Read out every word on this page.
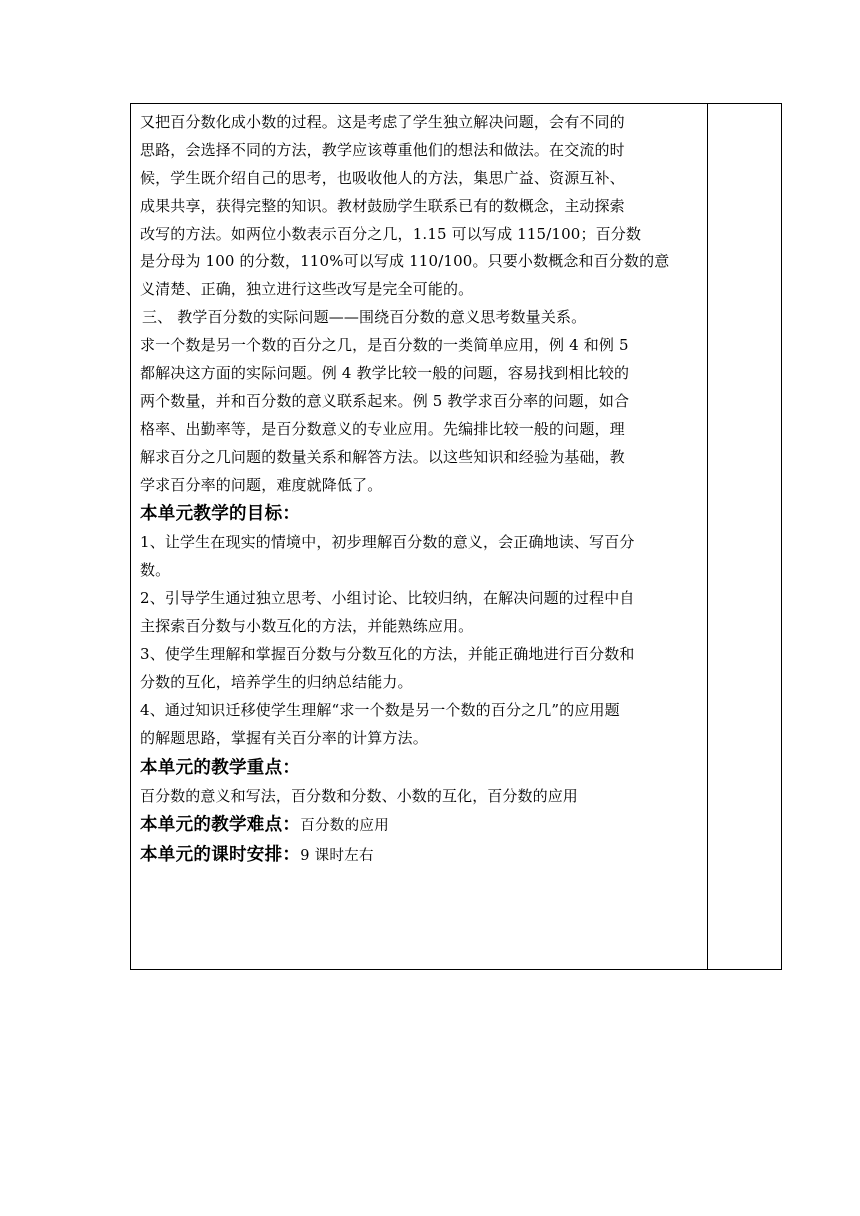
又把百分数化成小数的过程。这是考虑了学生独立解决问题，会有不同的
思路，会选择不同的方法，教学应该尊重他们的想法和做法。在交流的时
候，学生既介绍自己的思考，也吸收他人的方法，集思广益、资源互补、
成果共享，获得完整的知识。教材鼓励学生联系已有的数概念，主动探索
改写的方法。如两位小数表示百分之几，1.15 可以写成 115/100；百分数
是分母为 100 的分数，110%可以写成 110/100。只要小数概念和百分数的意
义清楚、正确，独立进行这些改写是完全可能的。
三、 教学百分数的实际问题——围绕百分数的意义思考数量关系。
求一个数是另一个数的百分之几，是百分数的一类简单应用，例 4 和例 5
都解决这方面的实际问题。例 4 教学比较一般的问题，容易找到相比较的
两个数量，并和百分数的意义联系起来。例 5 教学求百分率的问题，如合
格率、出勤率等，是百分数意义的专业应用。先编排比较一般的问题，理
解求百分之几问题的数量关系和解答方法。以这些知识和经验为基础，教
学求百分率的问题，难度就降低了。
本单元教学的目标：
1、让学生在现实的情境中，初步理解百分数的意义，会正确地读、写百分
数。
2、引导学生通过独立思考、小组讨论、比较归纳，在解决问题的过程中自
主探索百分数与小数互化的方法，并能熟练应用。
3、使学生理解和掌握百分数与分数互化的方法，并能正确地进行百分数和
分数的互化，培养学生的归纳总结能力。
4、通过知识迁移使学生理解“求一个数是另一个数的百分之几”的应用题
的解题思路，掌握有关百分率的计算方法。
本单元的教学重点：
百分数的意义和写法，百分数和分数、小数的互化，百分数的应用
本单元的教学难点：百分数的应用
本单元的课时安排：9 课时左右
